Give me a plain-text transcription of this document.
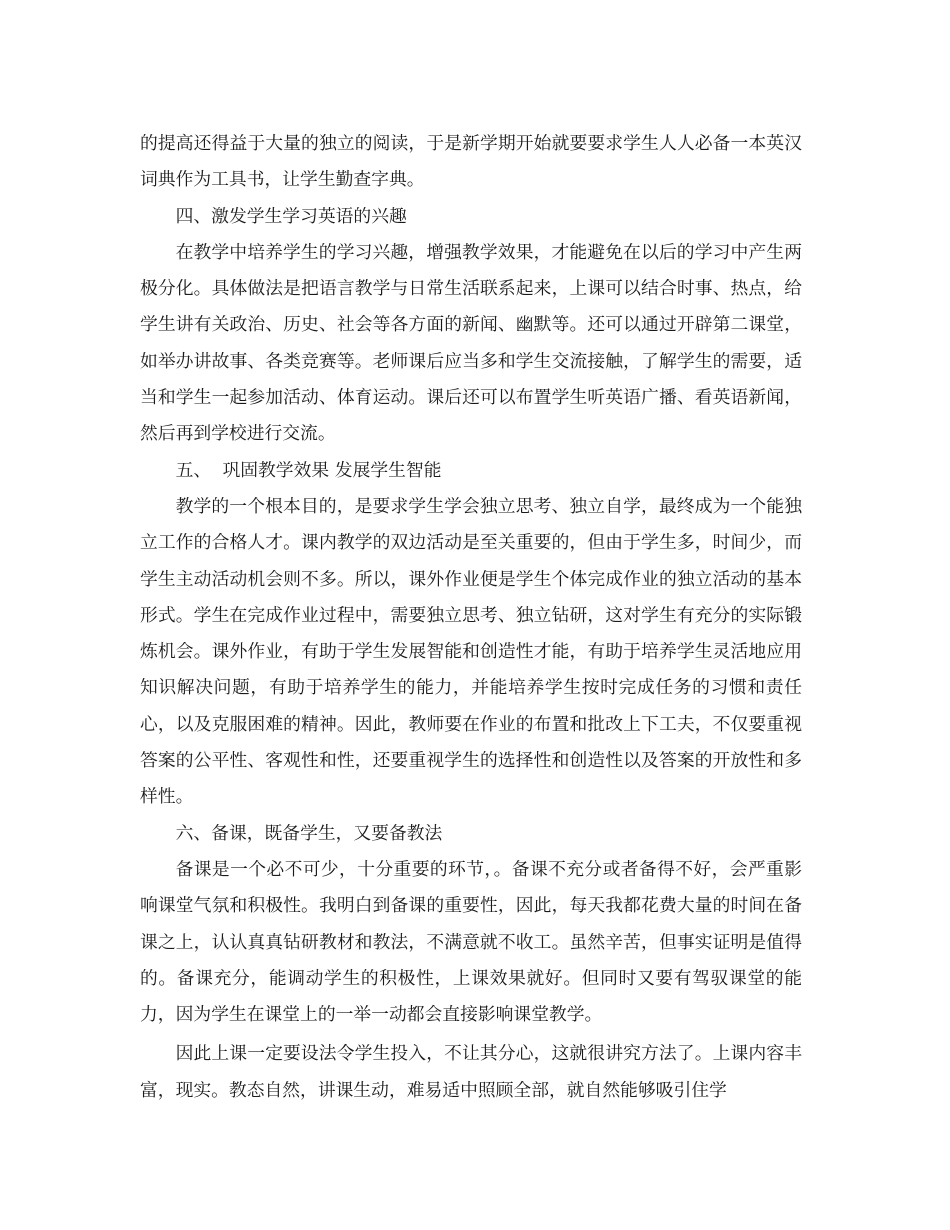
的提高还得益于大量的独立的阅读，于是新学期开始就要要求学生人人必备一本英汉词典作为工具书，让学生勤查字典。

四、激发学生学习英语的兴趣

在教学中培养学生的学习兴趣，增强教学效果，才能避免在以后的学习中产生两极分化。具体做法是把语言教学与日常生活联系起来，上课可以结合时事、热点，给学生讲有关政治、历史、社会等各方面的新闻、幽默等。还可以通过开辟第二课堂，如举办讲故事、各类竞赛等。老师课后应当多和学生交流接触，了解学生的需要，适当和学生一起参加活动、体育运动。课后还可以布置学生听英语广播、看英语新闻，然后再到学校进行交流。

五、  巩固教学效果 发展学生智能

教学的一个根本目的，是要求学生学会独立思考、独立自学，最终成为一个能独立工作的合格人才。课内教学的双边活动是至关重要的，但由于学生多，时间少，而学生主动活动机会则不多。所以，课外作业便是学生个体完成作业的独立活动的基本形式。学生在完成作业过程中，需要独立思考、独立钻研，这对学生有充分的实际锻炼机会。课外作业，有助于学生发展智能和创造性才能，有助于培养学生灵活地应用知识解决问题，有助于培养学生的能力，并能培养学生按时完成任务的习惯和责任心，以及克服困难的精神。因此，教师要在作业的布置和批改上下工夫，不仅要重视答案的公平性、客观性和性，还要重视学生的选择性和创造性以及答案的开放性和多样性。

六、备课，既备学生，又要备教法

备课是一个必不可少，十分重要的环节，。备课不充分或者备得不好，会严重影响课堂气氛和积极性。我明白到备课的重要性，因此，每天我都花费大量的时间在备课之上，认认真真钻研教材和教法，不满意就不收工。虽然辛苦，但事实证明是值得的。备课充分，能调动学生的积极性，上课效果就好。但同时又要有驾驭课堂的能力，因为学生在课堂上的一举一动都会直接影响课堂教学。

因此上课一定要设法令学生投入，不让其分心，这就很讲究方法了。上课内容丰富，现实。教态自然，讲课生动，难易适中照顾全部，就自然能够吸引住学
